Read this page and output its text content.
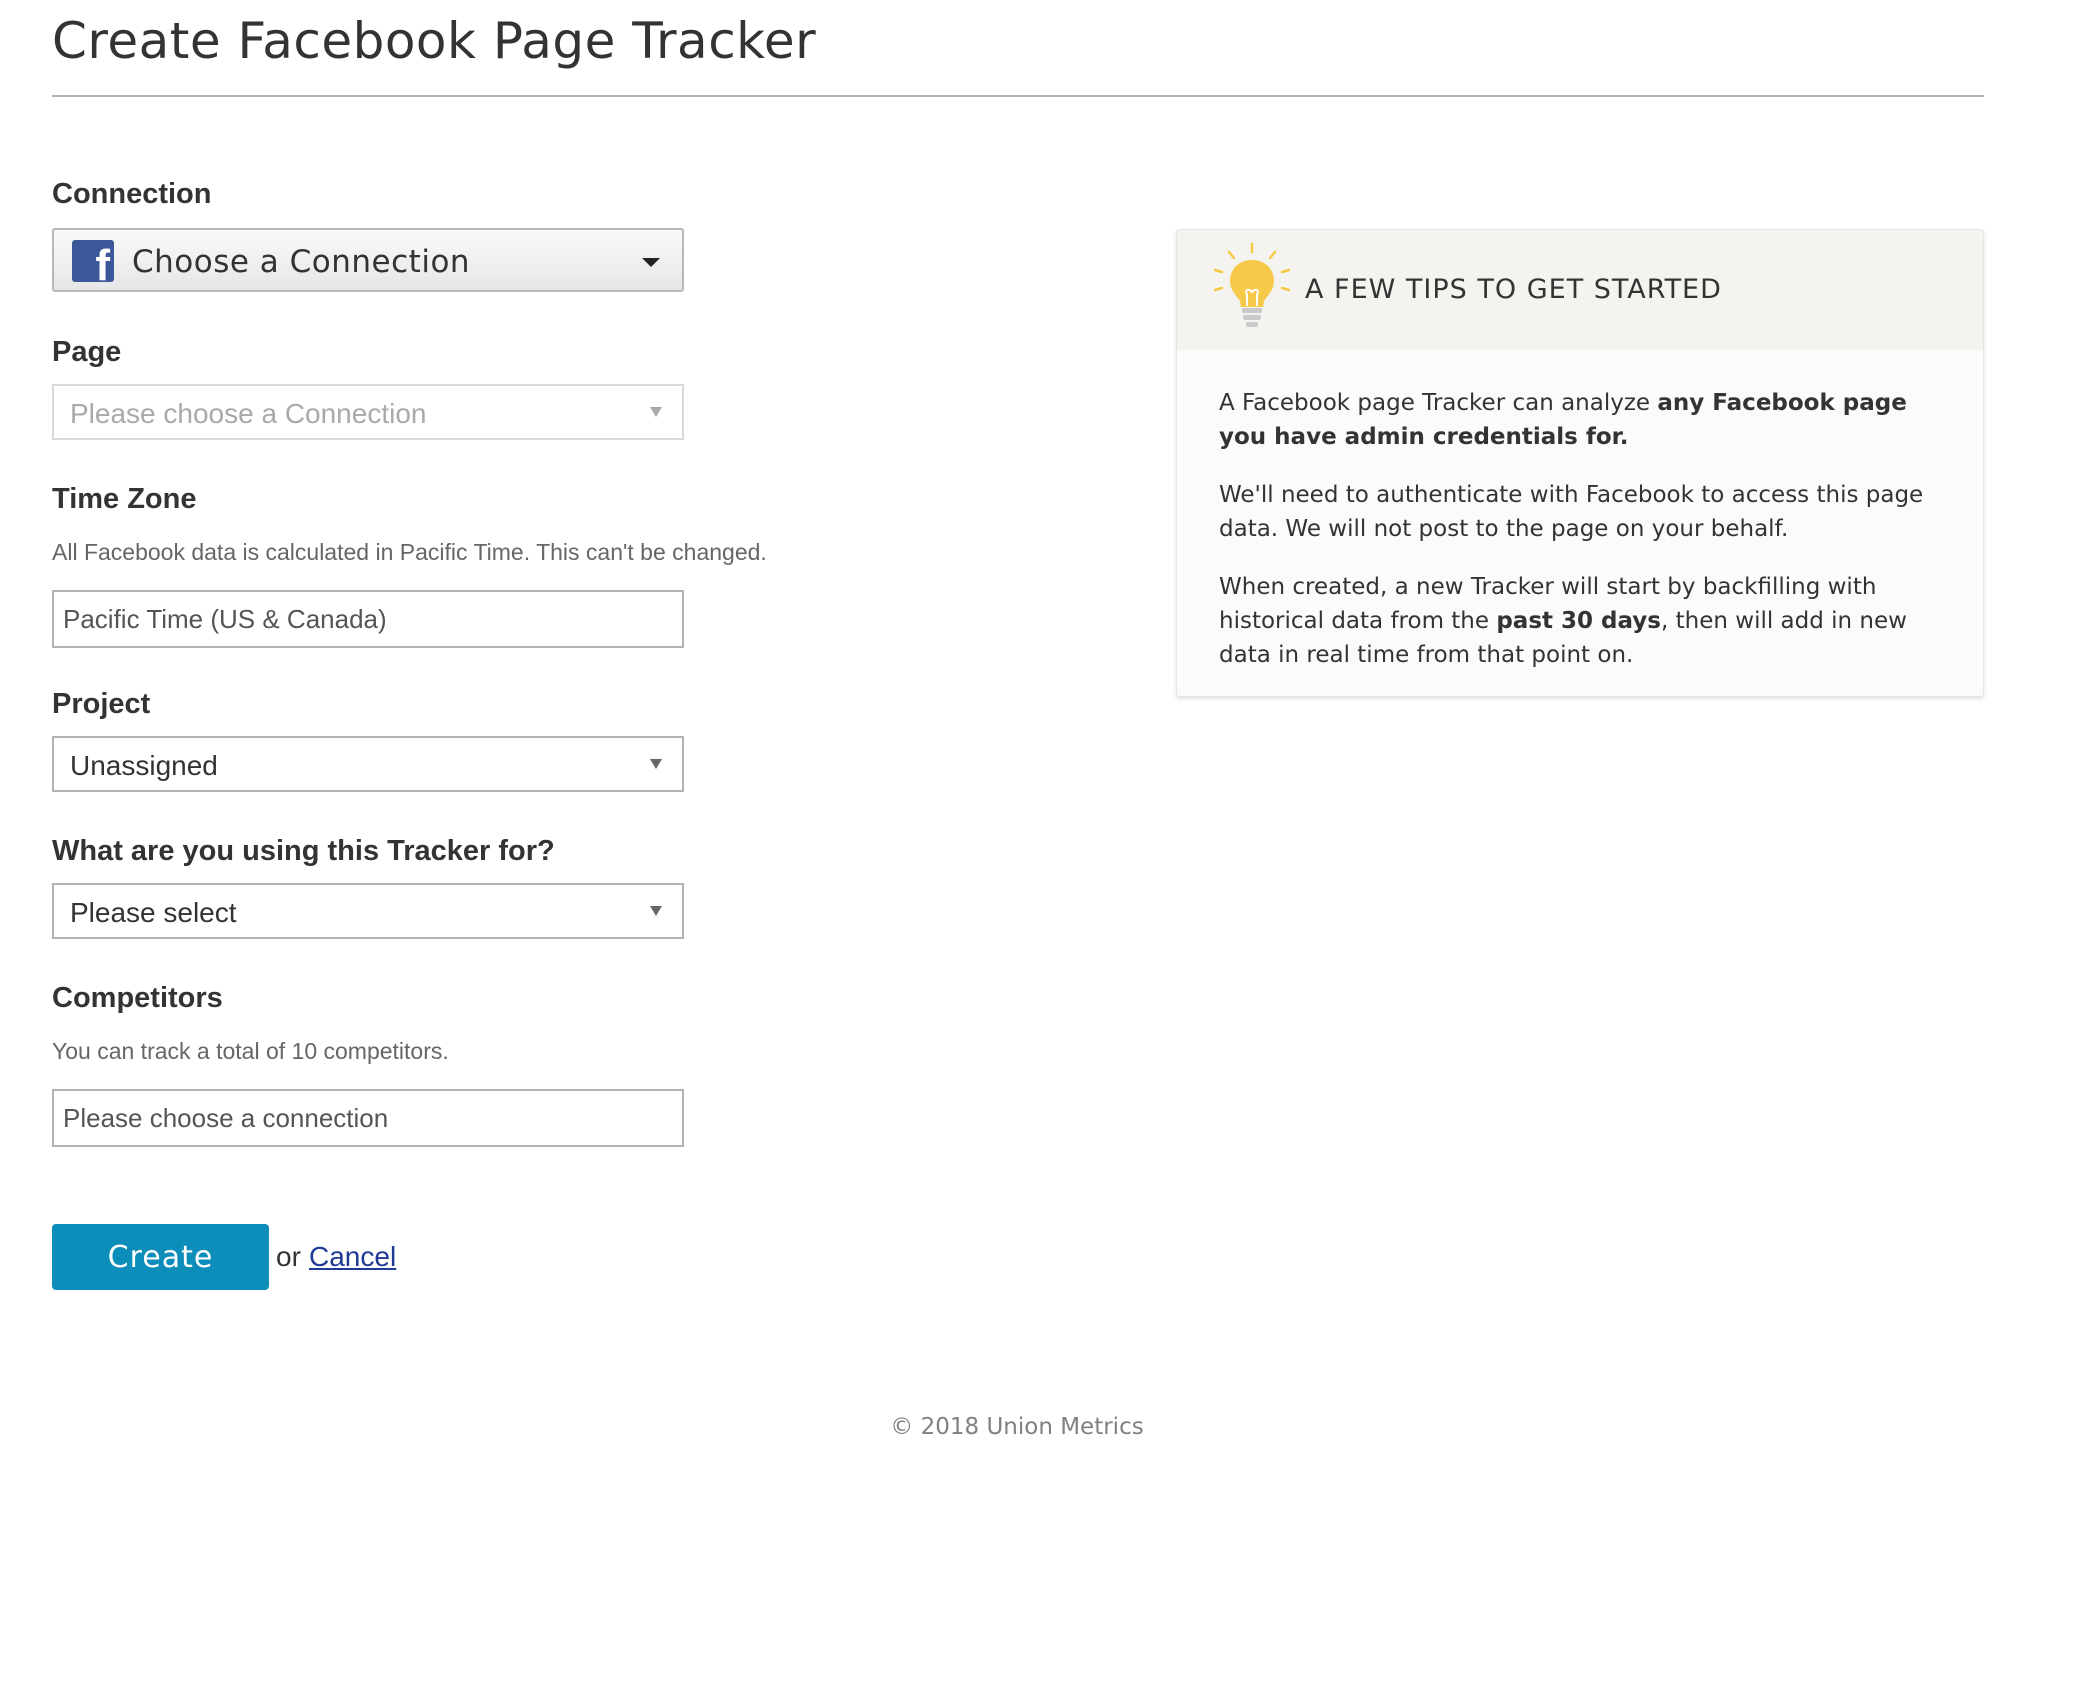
Create Facebook Page Tracker
Connection
f Choose a Connection
Page
Please choose a Connection
Time Zone
All Facebook data is calculated in Pacific Time. This can't be changed.
Pacific Time (US & Canada)
Project
Unassigned
What are you using this Tracker for?
Please select
Competitors
You can track a total of 10 competitors.
Please choose a connection
Create	or Cancel
A FEW TIPS TO GET STARTED

A Facebook page Tracker can analyze any Facebook page you have admin credentials for.

We'll need to authenticate with Facebook to access this page data. We will not post to the page on your behalf.

When created, a new Tracker will start by backfilling with historical data from the past 30 days, then will add in new data in real time from that point on.

© 2018 Union Metrics
